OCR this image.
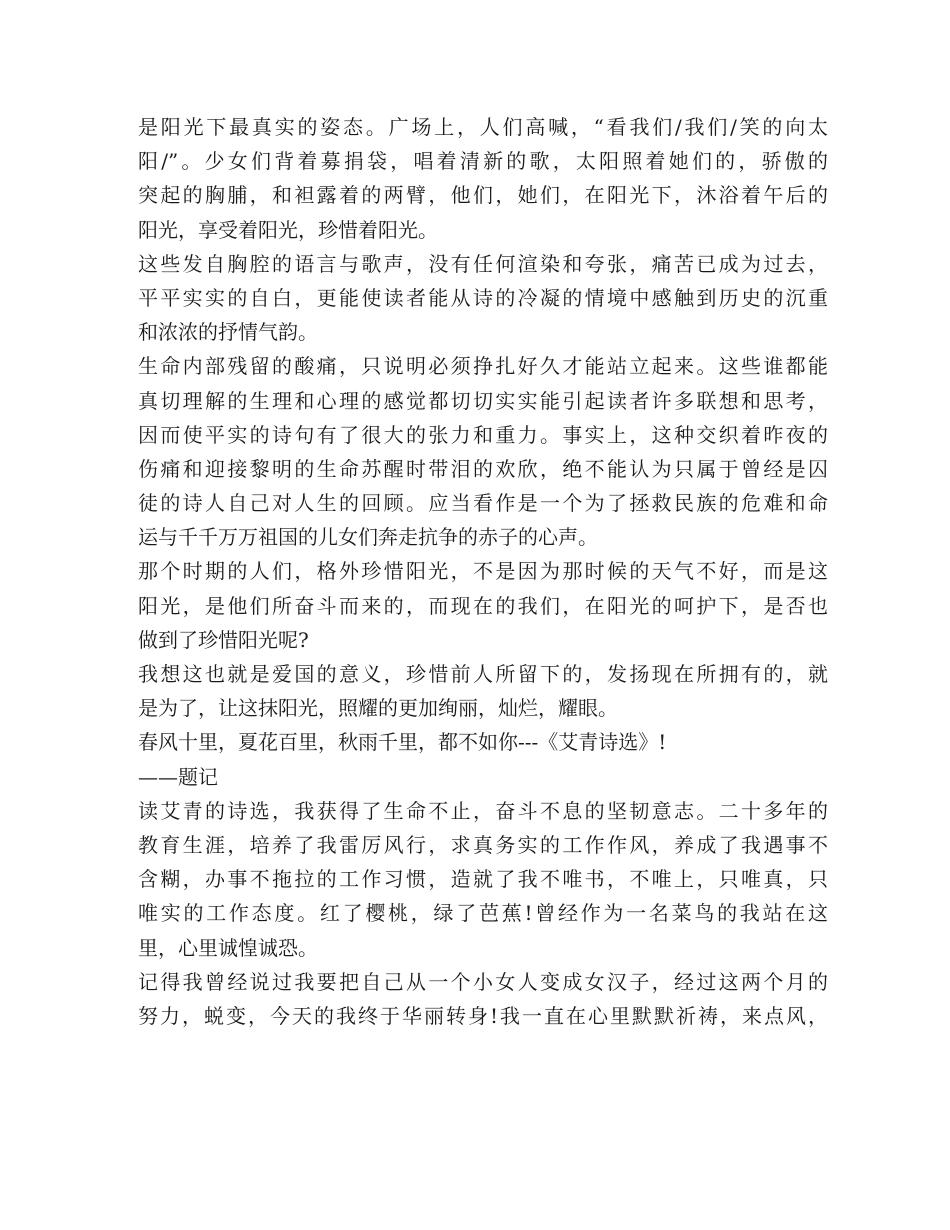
是阳光下最真实的姿态。广场上，人们高喊，“看我们/我们/笑的向太
阳/”。少女们背着募捐袋，唱着清新的歌，太阳照着她们的，骄傲的
突起的胸脯，和袒露着的两臂，他们，她们，在阳光下，沐浴着午后的
阳光，享受着阳光，珍惜着阳光。
这些发自胸腔的语言与歌声，没有任何渲染和夸张，痛苦已成为过去，
平平实实的自白，更能使读者能从诗的冷凝的情境中感触到历史的沉重
和浓浓的抒情气韵。
生命内部残留的酸痛，只说明必须挣扎好久才能站立起来。这些谁都能
真切理解的生理和心理的感觉都切切实实能引起读者许多联想和思考，
因而使平实的诗句有了很大的张力和重力。事实上，这种交织着昨夜的
伤痛和迎接黎明的生命苏醒时带泪的欢欣，绝不能认为只属于曾经是囚
徒的诗人自己对人生的回顾。应当看作是一个为了拯救民族的危难和命
运与千千万万祖国的儿女们奔走抗争的赤子的心声。
那个时期的人们，格外珍惜阳光，不是因为那时候的天气不好，而是这
阳光，是他们所奋斗而来的，而现在的我们，在阳光的呵护下，是否也
做到了珍惜阳光呢?
我想这也就是爱国的意义，珍惜前人所留下的，发扬现在所拥有的，就
是为了，让这抹阳光，照耀的更加绚丽，灿烂，耀眼。
春风十里，夏花百里，秋雨千里，都不如你---《艾青诗选》!
——题记
读艾青的诗选，我获得了生命不止，奋斗不息的坚韧意志。二十多年的
教育生涯，培养了我雷厉风行，求真务实的工作作风，养成了我遇事不
含糊，办事不拖拉的工作习惯，造就了我不唯书，不唯上，只唯真，只
唯实的工作态度。红了樱桃，绿了芭蕉!曾经作为一名菜鸟的我站在这
里，心里诚惶诚恐。
记得我曾经说过我要把自己从一个小女人变成女汉子，经过这两个月的
努力，蜕变，今天的我终于华丽转身!我一直在心里默默祈祷，来点风，
